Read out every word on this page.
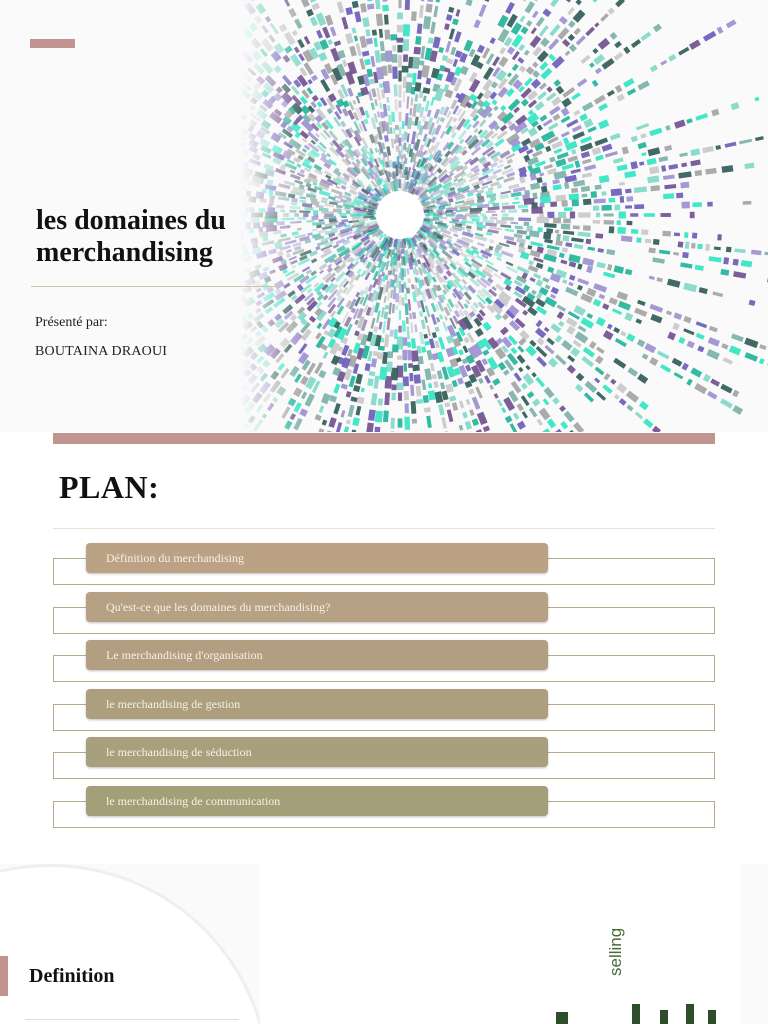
les domaines du merchandising
Présenté par:
BOUTAINA DRAOUI
PLAN:
Définition du merchandising
Qu'est-ce que les domaines du merchandising?
Le merchandising d'organisation
le merchandising de gestion
le merchandising de séduction
le merchandising de communication
Definition	selling
